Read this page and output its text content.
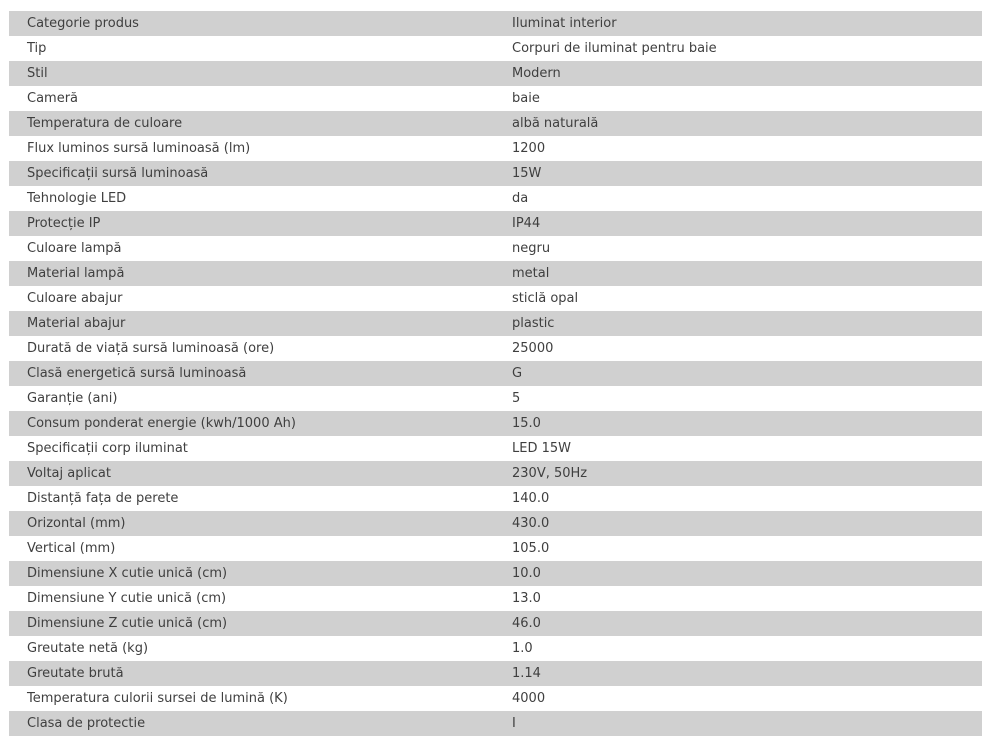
Categorie produs	Iluminat interior
Tip	Corpuri de iluminat pentru baie
Stil	Modern
Cameră	baie
Temperatura de culoare	albă naturală
Flux luminos sursă luminoasă (lm)	1200
Specificații sursă luminoasă	15W
Tehnologie LED	da
Protecție IP	IP44
Culoare lampă	negru
Material lampă	metal
Culoare abajur	sticlă opal
Material abajur	plastic
Durată de viață sursă luminoasă (ore)	25000
Clasă energetică sursă luminoasă	G
Garanție (ani)	5
Consum ponderat energie (kwh/1000 Ah)	15.0
Specificații corp iluminat	LED 15W
Voltaj aplicat	230V, 50Hz
Distanță fața de perete	140.0
Orizontal (mm)	430.0
Vertical (mm)	105.0
Dimensiune X cutie unică (cm)	10.0
Dimensiune Y cutie unică (cm)	13.0
Dimensiune Z cutie unică (cm)	46.0
Greutate netă (kg)	1.0
Greutate brută	1.14
Temperatura culorii sursei de lumină (K)	4000
Clasa de protectie	I
